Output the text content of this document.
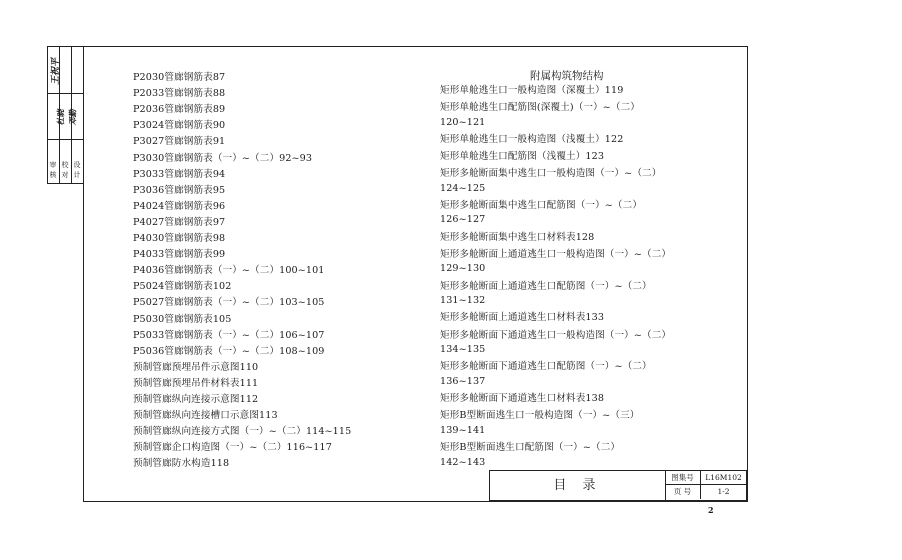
审 校 设
核 对 计
王祝平
杜晓 邓勤
P2030管廊钢筋表87
P2033管廊钢筋表88
P2036管廊钢筋表89
P3024管廊钢筋表90
P3027管廊钢筋表91
P3030管廊钢筋表（一）~（二）92~93
P3033管廊钢筋表94
P3036管廊钢筋表95
P4024管廊钢筋表96
P4027管廊钢筋表97
P4030管廊钢筋表98
P4033管廊钢筋表99
P4036管廊钢筋表（一）~（二）100~101
P5024管廊钢筋表102
P5027管廊钢筋表（一）~（二）103~105
P5030管廊钢筋表105
P5033管廊钢筋表（一）~（二）106~107
P5036管廊钢筋表（一）~（二）108~109
预制管廊预埋吊件示意图110
预制管廊预埋吊件材料表111
预制管廊纵向连接示意图112
预制管廊纵向连接槽口示意图113
预制管廊纵向连接方式图（一）~（二）114~115
预制管廊企口构造图（一）~（二）116~117
预制管廊防水构造118
附属构筑物结构
矩形单舱逃生口一般构造图（深覆土）119
矩形单舱逃生口配筋图(深覆土)（一）~（二）
120~121
矩形单舱逃生口一般构造图（浅覆土）122
矩形单舱逃生口配筋图（浅覆土）123
矩形多舱断面集中逃生口一般构造图（一）~（二）
124~125
矩形多舱断面集中逃生口配筋图（一）~（二）
126~127
矩形多舱断面集中逃生口材料表128
矩形多舱断面上通道逃生口一般构造图（一）~（二）
129~130
矩形多舱断面上通道逃生口配筋图（一）~（二）
131~132
矩形多舱断面上通道逃生口材料表133
矩形多舱断面下通道逃生口一般构造图（一）~（二）
134~135
矩形多舱断面下通道逃生口配筋图（一）~（二）
136~137
矩形多舱断面下通道逃生口材料表138
矩形B型断面逃生口一般构造图（一）~（三）
139~141
矩形B型断面逃生口配筋图（一）~（二）
142~143
目 录
图集号	L16M102
页 号	1-2
2
